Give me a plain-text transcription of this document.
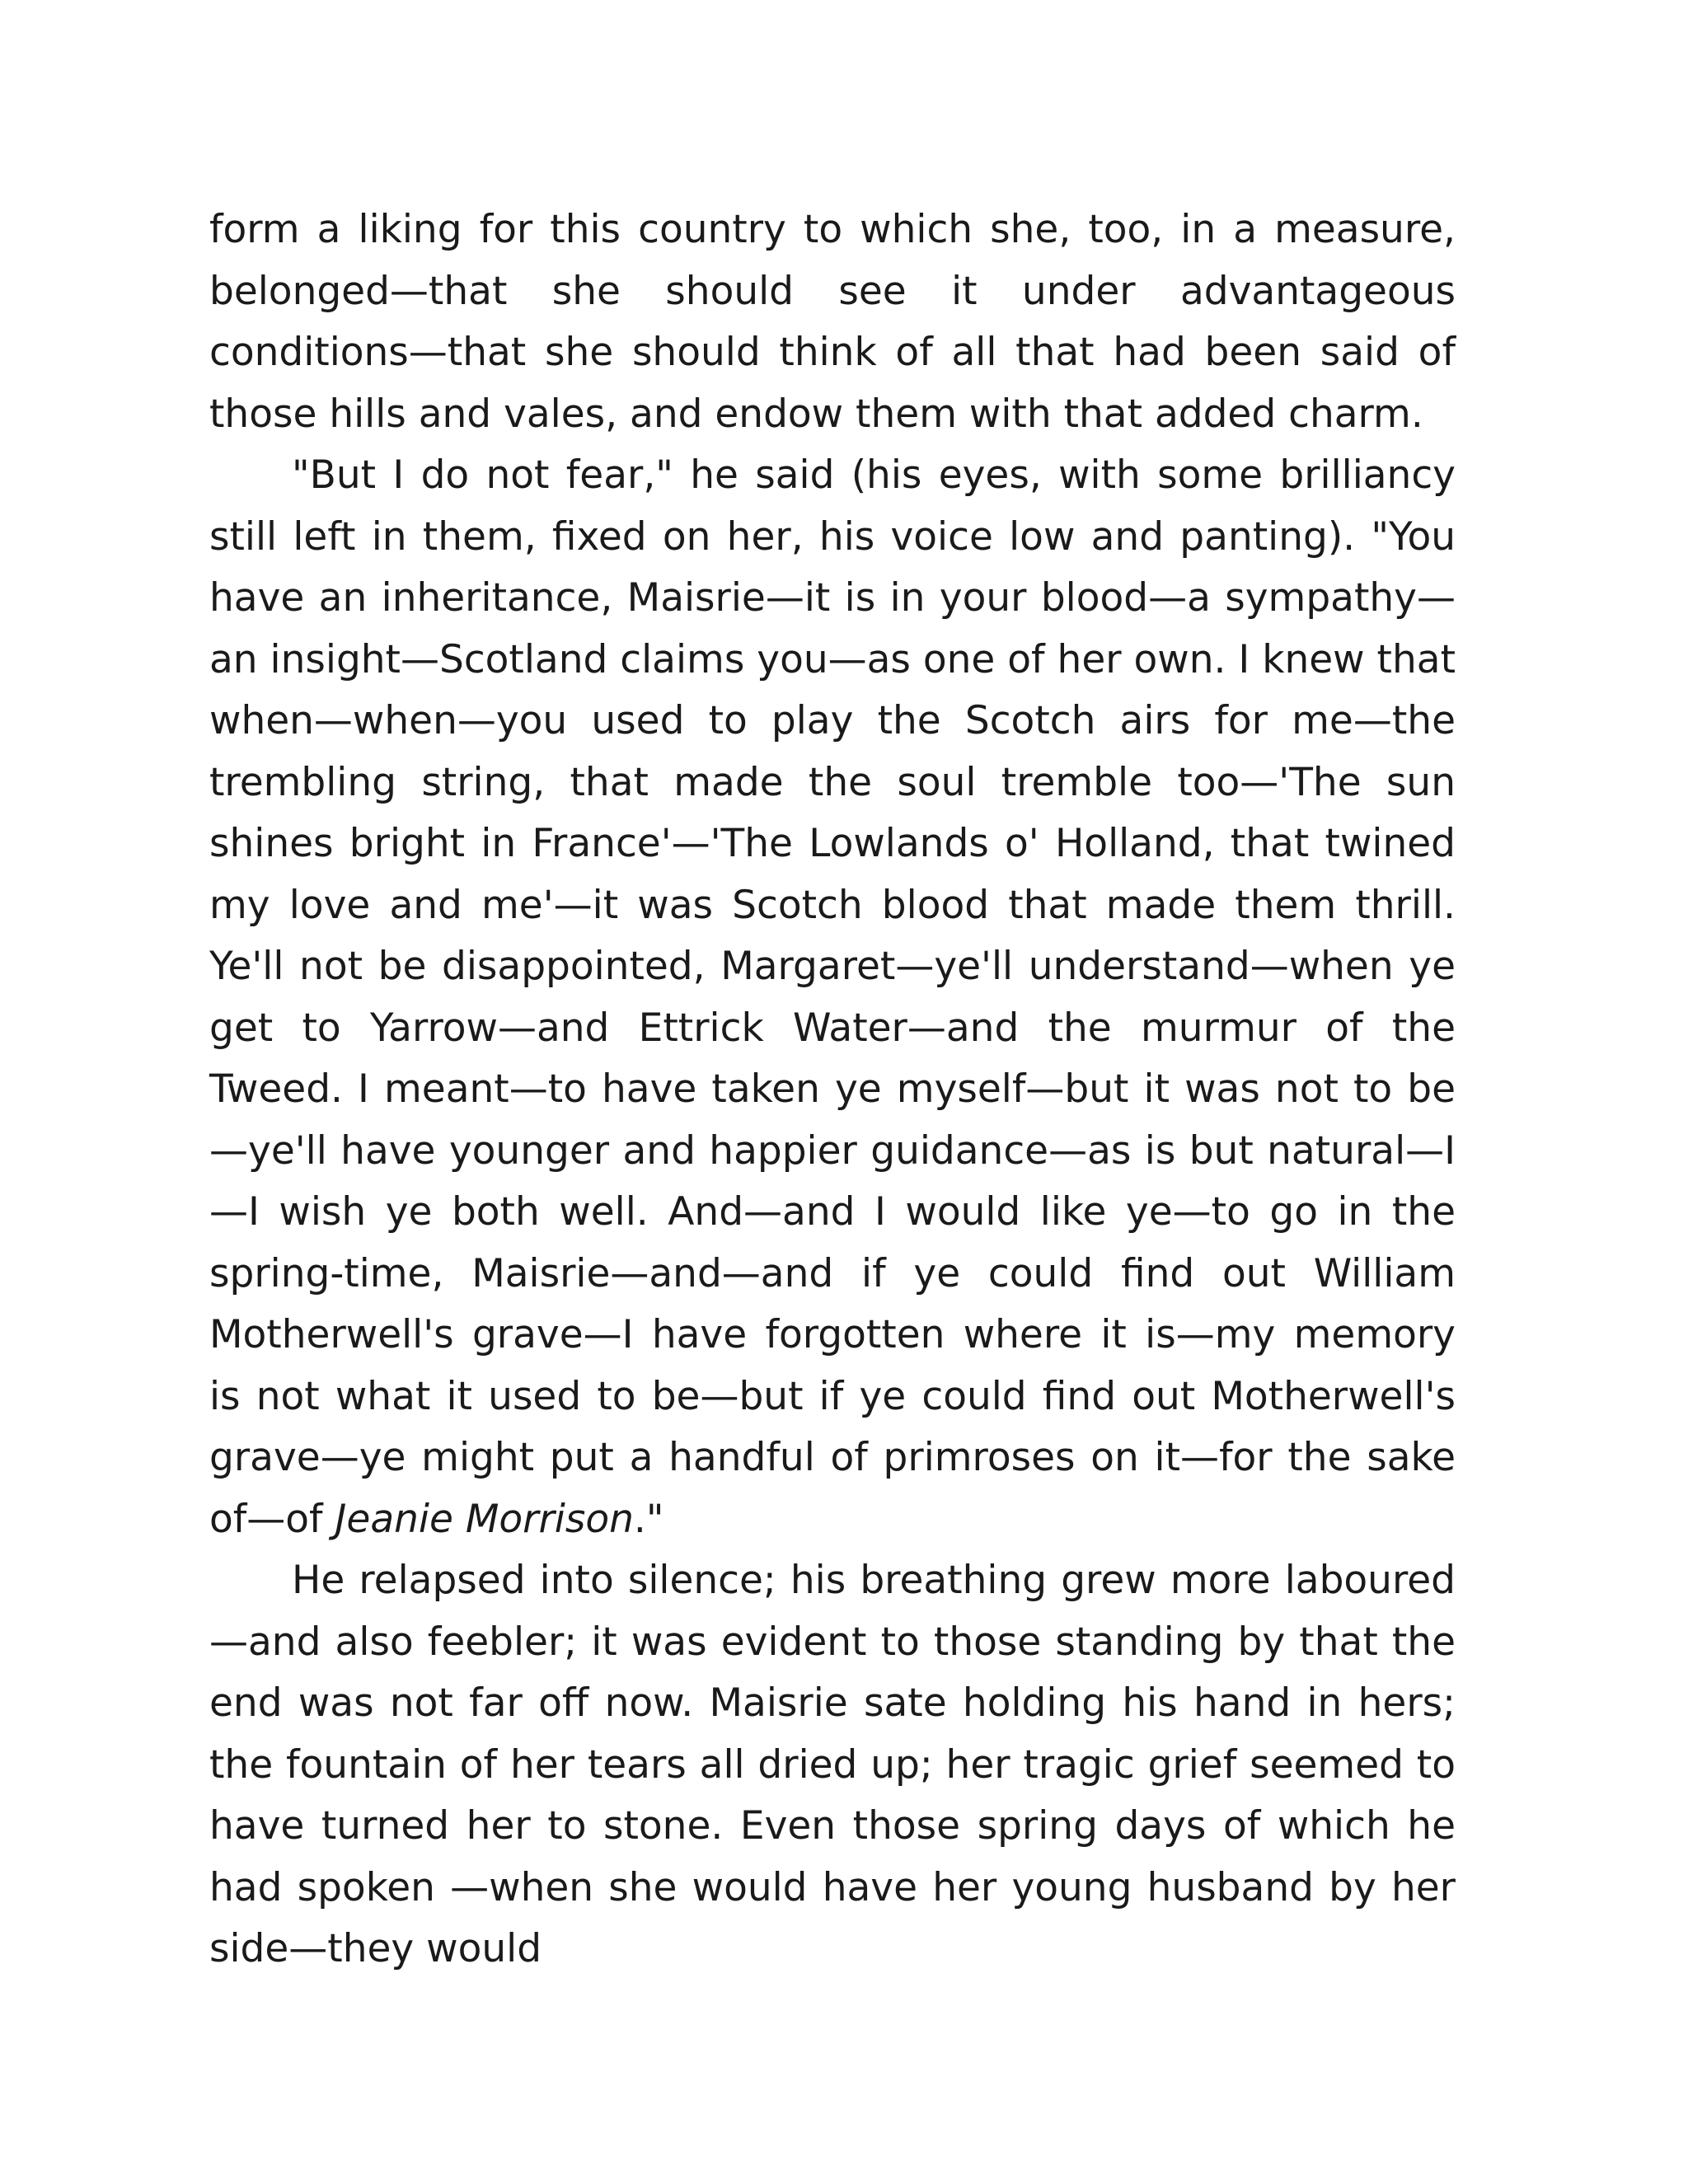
form a liking for this country to which she, too, in a measure, belonged—that she should see it under advantageous conditions—that she should think of all that had been said of those hills and vales, and endow them with that added charm.

"But I do not fear," he said (his eyes, with some brilliancy still left in them, fixed on her, his voice low and panting). "You have an inheritance, Maisrie—it is in your blood—a sympathy—an insight—Scotland claims you—as one of her own. I knew that when—when—you used to play the Scotch airs for me—the trembling string, that made the soul tremble too—'The sun shines bright in France'—'The Lowlands o' Holland, that twined my love and me'—it was Scotch blood that made them thrill. Ye'll not be disappointed, Margaret—ye'll understand—when ye get to Yarrow—and Ettrick Water—and the murmur of the Tweed. I meant—to have taken ye myself—but it was not to be—ye'll have younger and happier guidance—as is but natural—I—I wish ye both well. And—and I would like ye—to go in the spring-time, Maisrie—and—and if ye could find out William Motherwell's grave—I have forgotten where it is—my memory is not what it used to be—but if ye could find out Motherwell's grave—ye might put a handful of primroses on it—for the sake of—of Jeanie Morrison."

He relapsed into silence; his breathing grew more laboured—and also feebler; it was evident to those standing by that the end was not far off now. Maisrie sate holding his hand in hers; the fountain of her tears all dried up; her tragic grief seemed to have turned her to stone. Even those spring days of which he had spoken —when she would have her young husband by her side—they would
